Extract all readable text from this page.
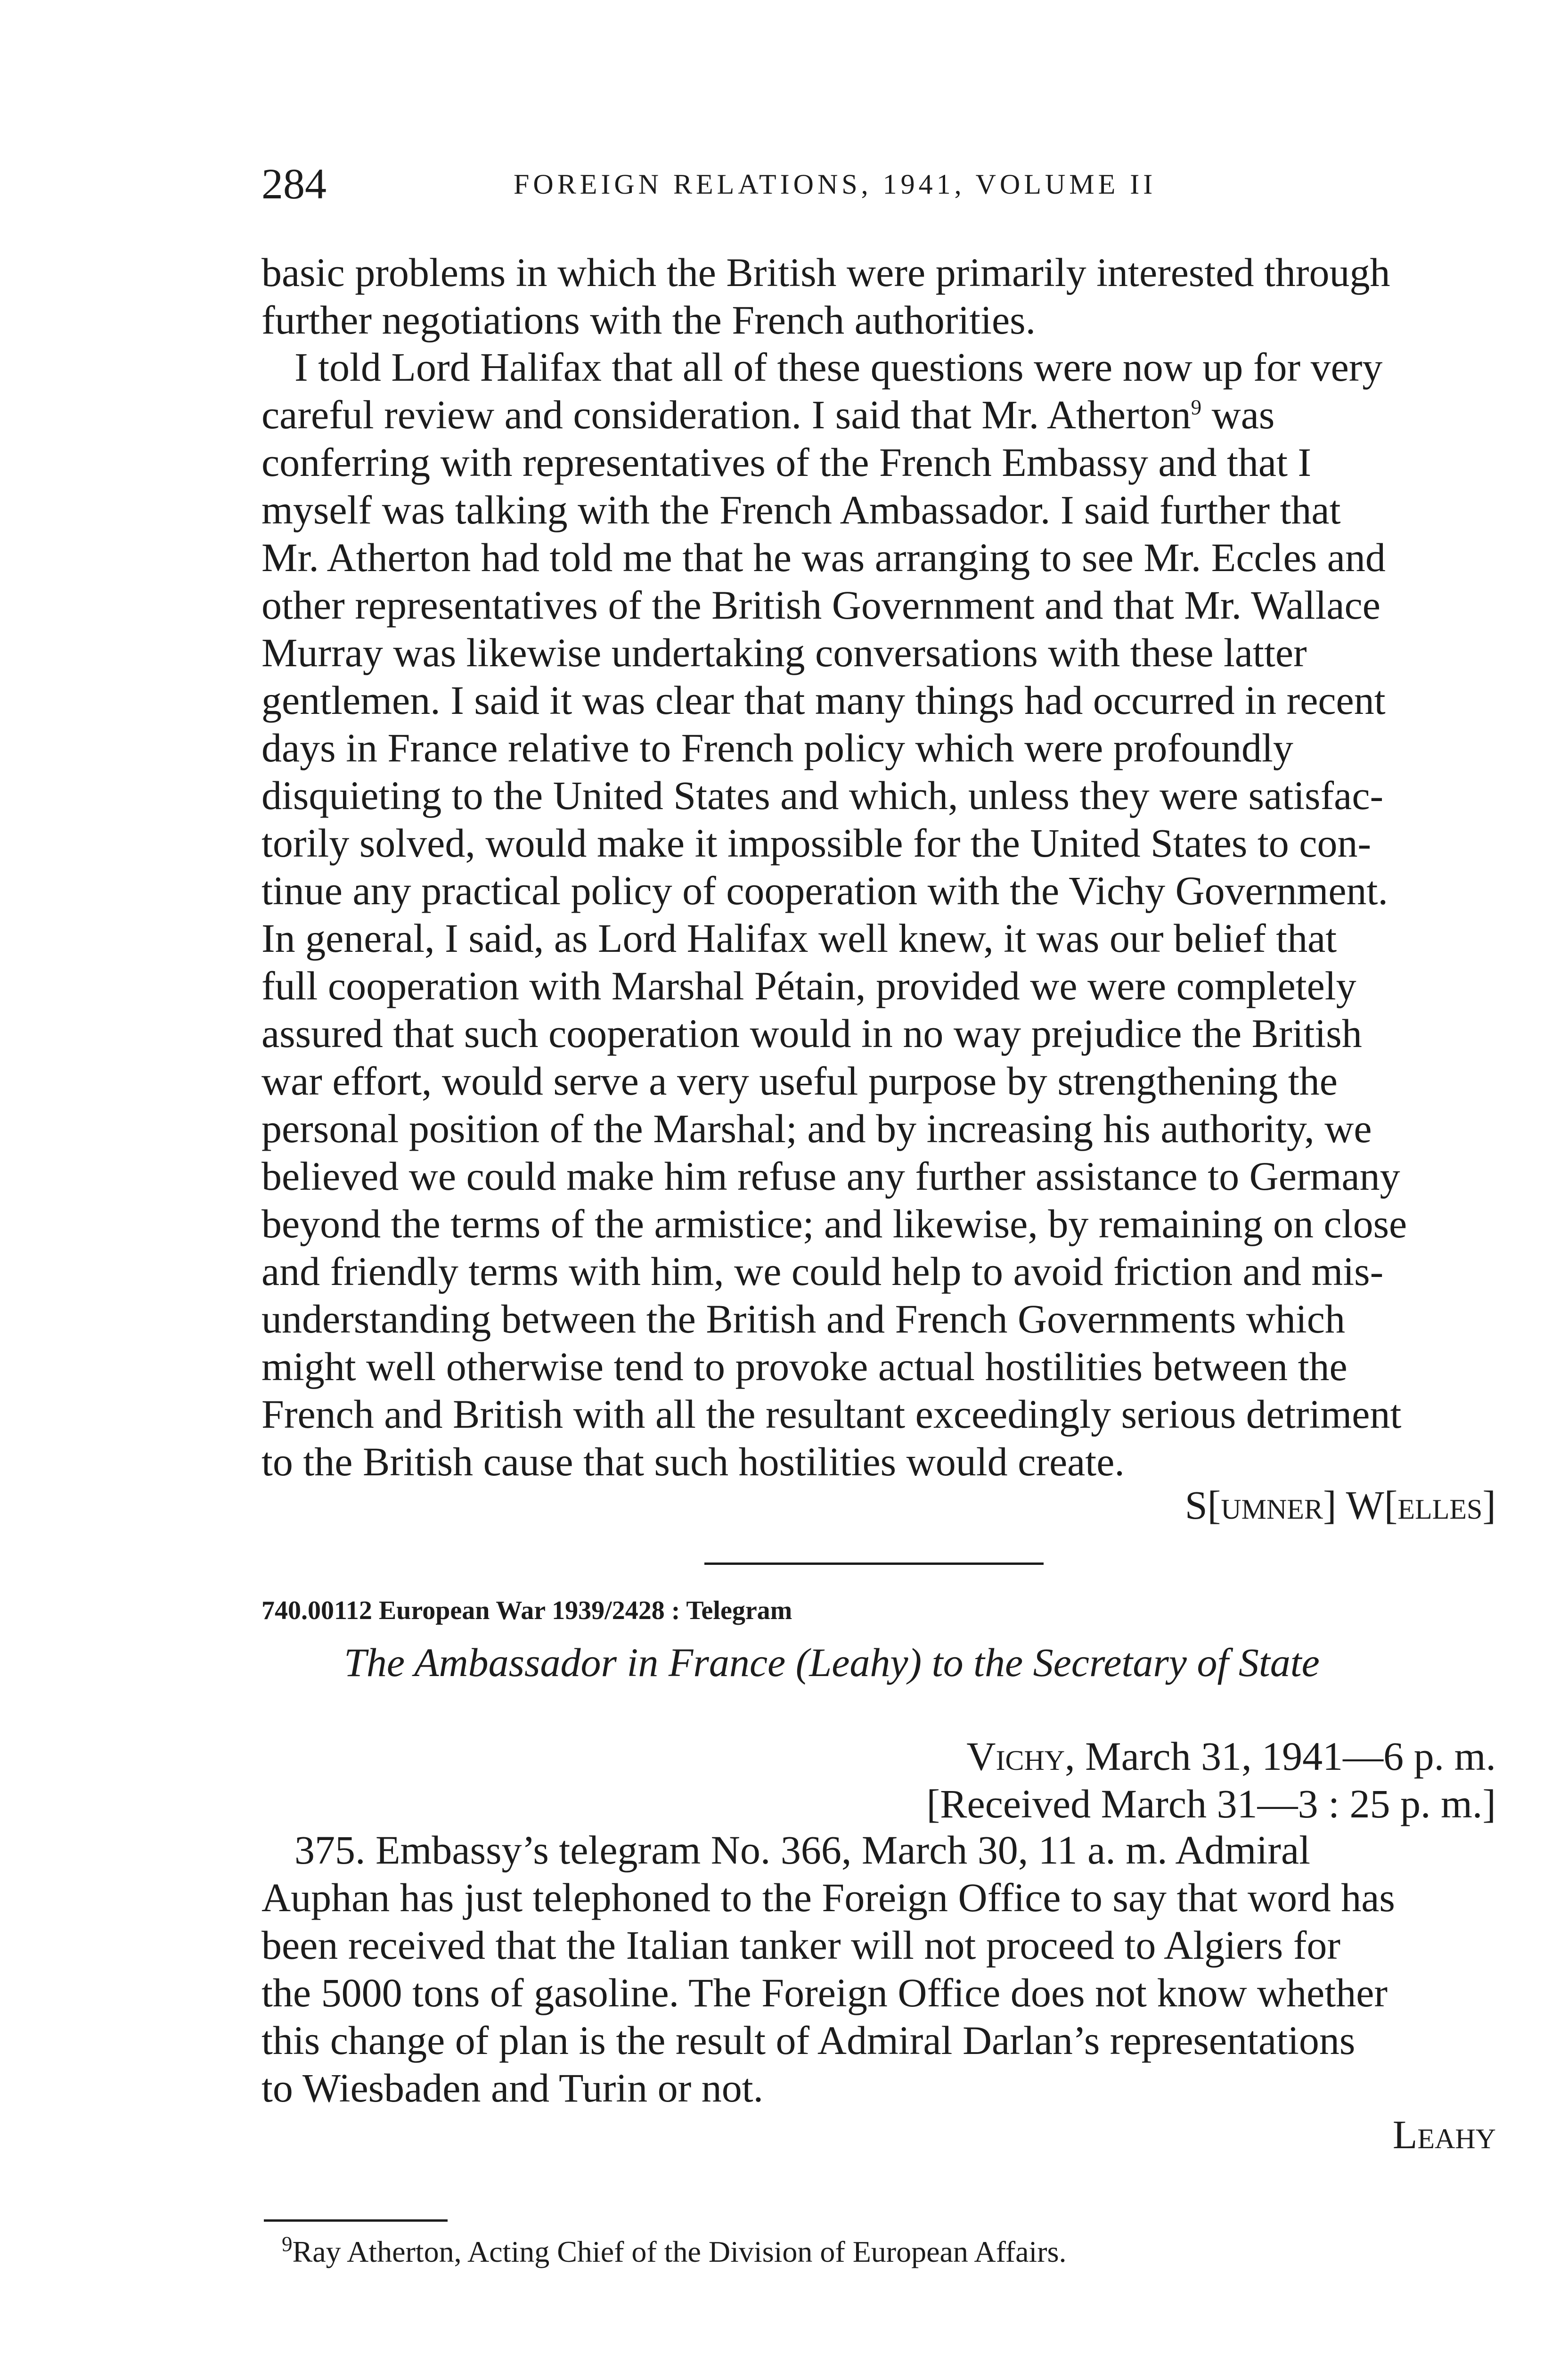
284	FOREIGN RELATIONS, 1941, VOLUME II
basic problems in which the British were primarily interested through
further negotiations with the French authorities.
I told Lord Halifax that all of these questions were now up for very
careful review and consideration. I said that Mr. Atherton$^9$ was
conferring with representatives of the French Embassy and that I
myself was talking with the French Ambassador. I said further that
Mr. Atherton had told me that he was arranging to see Mr. Eccles and
other representatives of the British Government and that Mr. Wallace
Murray was likewise undertaking conversations with these latter
gentlemen. I said it was clear that many things had occurred in recent
days in France relative to French policy which were profoundly
disquieting to the United States and which, unless they were satisfac-
torily solved, would make it impossible for the United States to con-
tinue any practical policy of cooperation with the Vichy Government.
In general, I said, as Lord Halifax well knew, it was our belief that
full cooperation with Marshal Pétain, provided we were completely
assured that such cooperation would in no way prejudice the British
war effort, would serve a very useful purpose by strengthening the
personal position of the Marshal; and by increasing his authority, we
believed we could make him refuse any further assistance to Germany
beyond the terms of the armistice; and likewise, by remaining on close
and friendly terms with him, we could help to avoid friction and mis-
understanding between the British and French Governments which
might well otherwise tend to provoke actual hostilities between the
French and British with all the resultant exceedingly serious detriment
to the British cause that such hostilities would create.
S[umner] W[elles]
740.00112 European War 1939/2428 : Telegram
The Ambassador in France (Leahy) to the Secretary of State
Vichy, March 31, 1941—6 p. m.
[Received March 31—3 : 25 p. m.]
375. Embassy’s telegram No. 366, March 30, 11 a. m. Admiral
Auphan has just telephoned to the Foreign Office to say that word has
been received that the Italian tanker will not proceed to Algiers for
the 5000 tons of gasoline. The Foreign Office does not know whether
this change of plan is the result of Admiral Darlan’s representations
to Wiesbaden and Turin or not.
Leahy
$^9$Ray Atherton, Acting Chief of the Division of European Affairs.
